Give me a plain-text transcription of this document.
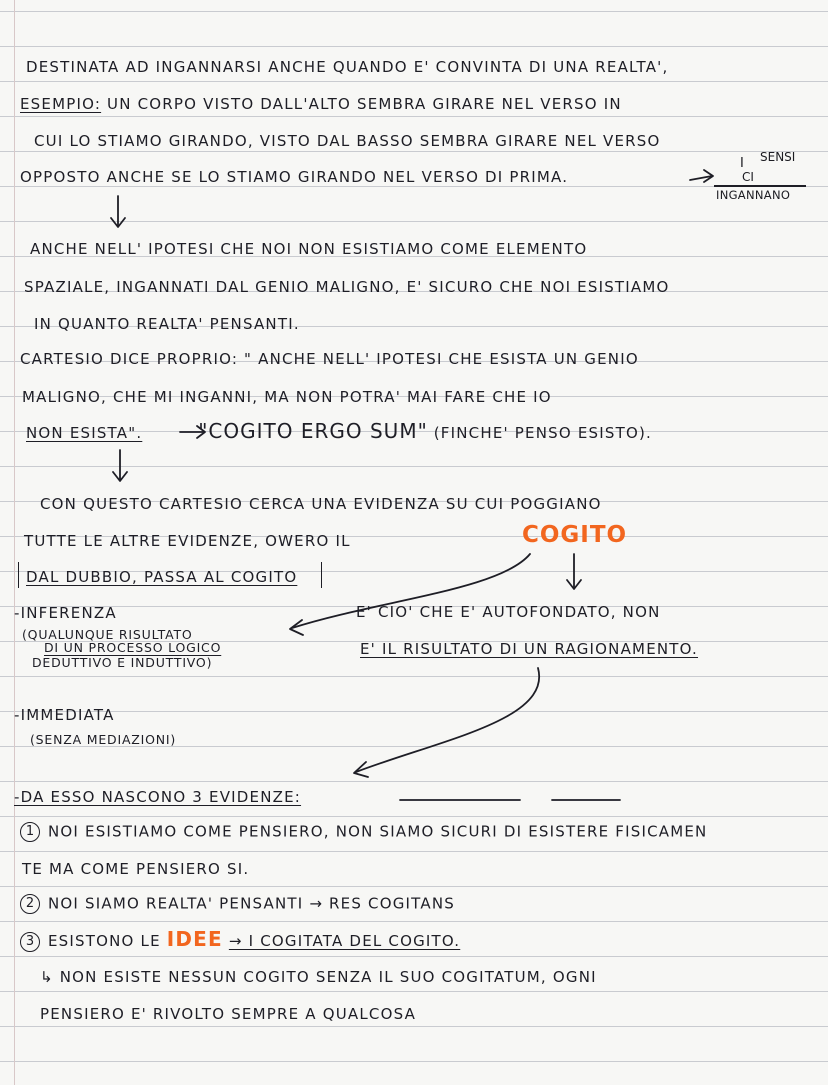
DESTINATA AD INGANNARSI ANCHE QUANDO E' CONVINTA DI UNA REALTA',
ESEMPIO: UN CORPO VISTO DALL'ALTO SEMBRA GIRARE NEL VERSO IN
CUI LO STIAMO GIRANDO, VISTO DAL BASSO SEMBRA GIRARE NEL VERSO
OPPOSTO ANCHE SE LO STIAMO GIRANDO NEL VERSO DI PRIMA.
I SENSI
CI
INGANNANO
ANCHE NELL' IPOTESI CHE NOI NON ESISTIAMO COME ELEMENTO
SPAZIALE, INGANNATI DAL GENIO MALIGNO, E' SICURO CHE NOI ESISTIAMO
IN QUANTO REALTA' PENSANTI.
CARTESIO DICE PROPRIO: " ANCHE NELL' IPOTESI CHE ESISTA UN GENIO
MALIGNO, CHE MI INGANNI, MA NON POTRA' MAI FARE CHE IO
NON ESISTA".	"COGITO ERGO SUM" (FINCHE' PENSO ESISTO).
CON QUESTO CARTESIO CERCA UNA EVIDENZA SU CUI POGGIANO
TUTTE LE ALTRE EVIDENZE, OWERO IL	COGITO
DAL DUBBIO, PASSA AL COGITO
-INFERENZA
(QUALUNQUE RISULTATO
DI UN PROCESSO LOGICO
DEDUTTIVO E INDUTTIVO)
E' CIO' CHE E' AUTOFONDATO, NON
E' IL RISULTATO DI UN RAGIONAMENTO.
-IMMEDIATA
(SENZA MEDIAZIONI)
-DA ESSO NASCONO 3 EVIDENZE:
1 NOI ESISTIAMO COME PENSIERO, NON SIAMO SICURI DI ESISTERE FISICAMEN
TE MA COME PENSIERO SI.
2 NOI SIAMO REALTA' PENSANTI → RES COGITANS
3 ESISTONO LE IDEE → I COGITATA DEL COGITO.
↳ NON ESISTE NESSUN COGITO SENZA IL SUO COGITATUM, OGNI
PENSIERO E' RIVOLTO SEMPRE A QUALCOSA
